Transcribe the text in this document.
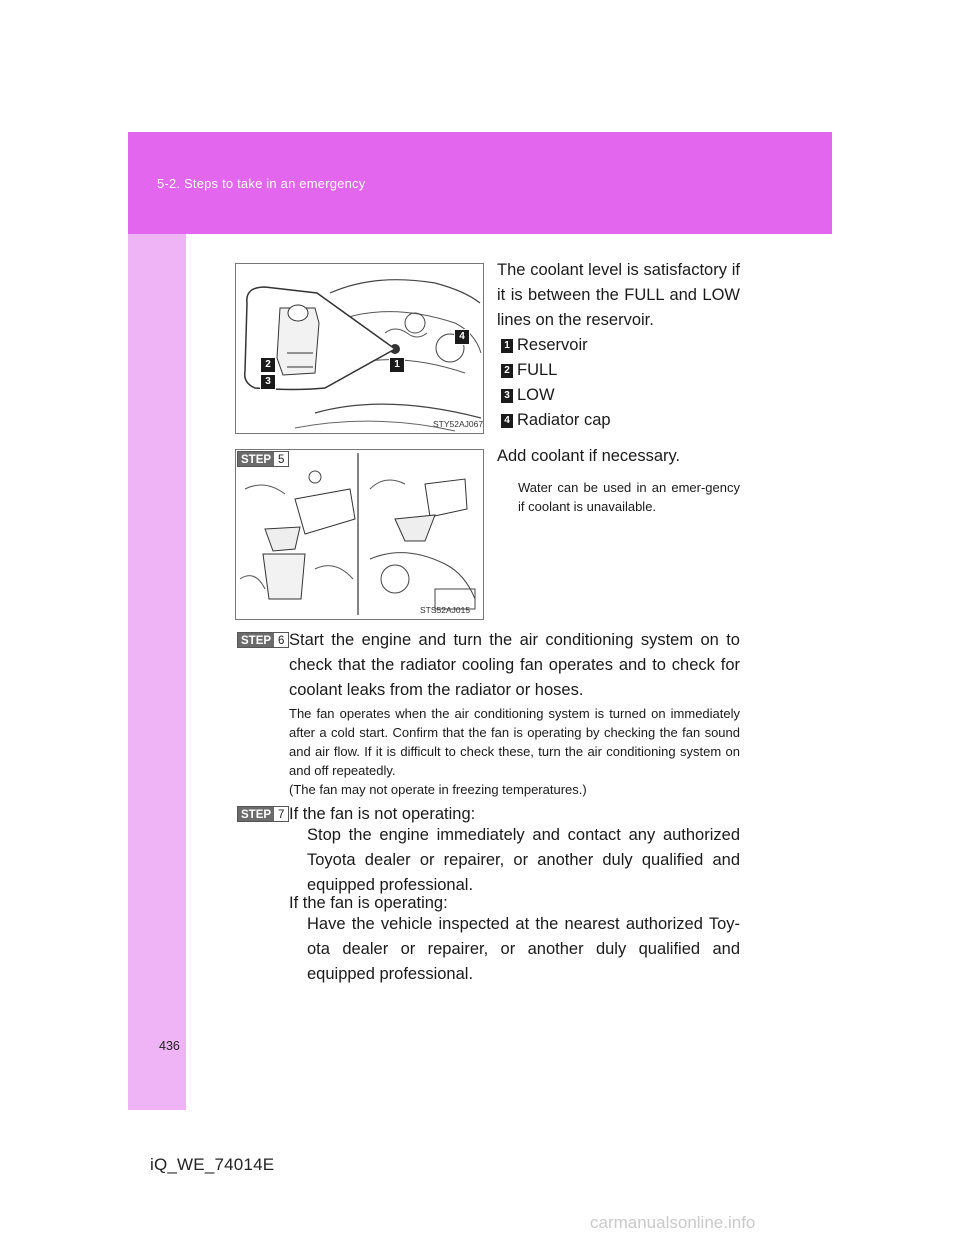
5-2. Steps to take in an emergency
4
1
2
3
STY52AJ067
The coolant level is satisfactory if it is between the FULL and LOW lines on the reservoir.
1 Reservoir
2 FULL
3 LOW
4 Radiator cap
STS52AJ015
STEP 5	Add coolant if necessary.
Water can be used in an emer-gency if coolant is unavailable.
STEP 6 Start the engine and turn the air conditioning system on to check that the radiator cooling fan operates and to check for coolant leaks from the radiator or hoses.
The fan operates when the air conditioning system is turned on immediately after a cold start. Confirm that the fan is operating by checking the fan sound and air flow. If it is difficult to check these, turn the air conditioning system on and off repeatedly.
(The fan may not operate in freezing temperatures.)
STEP 7 If the fan is not operating:
Stop the engine immediately and contact any authorized Toyota dealer or repairer, or another duly qualified and equipped professional.
If the fan is operating:
Have the vehicle inspected at the nearest authorized Toy-ota dealer or repairer, or another duly qualified and equipped professional.
436
iQ_WE_74014E
carmanualsonline.info
